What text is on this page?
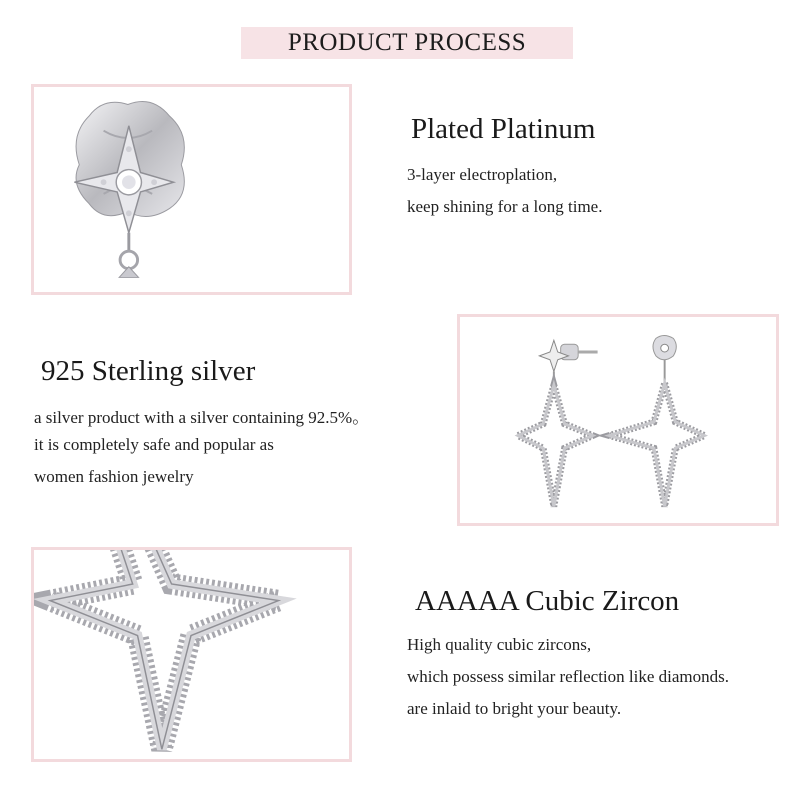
PRODUCT PROCESS
Plated Platinum
3-layer electroplation,
keep shining for a long time.
925 Sterling silver
a silver product with a silver containing 92.5%。
it is completely safe and popular as
women fashion jewelry
AAAAA Cubic Zircon
High quality cubic zircons,
which possess similar reflection like diamonds.
are inlaid to bright your beauty.
